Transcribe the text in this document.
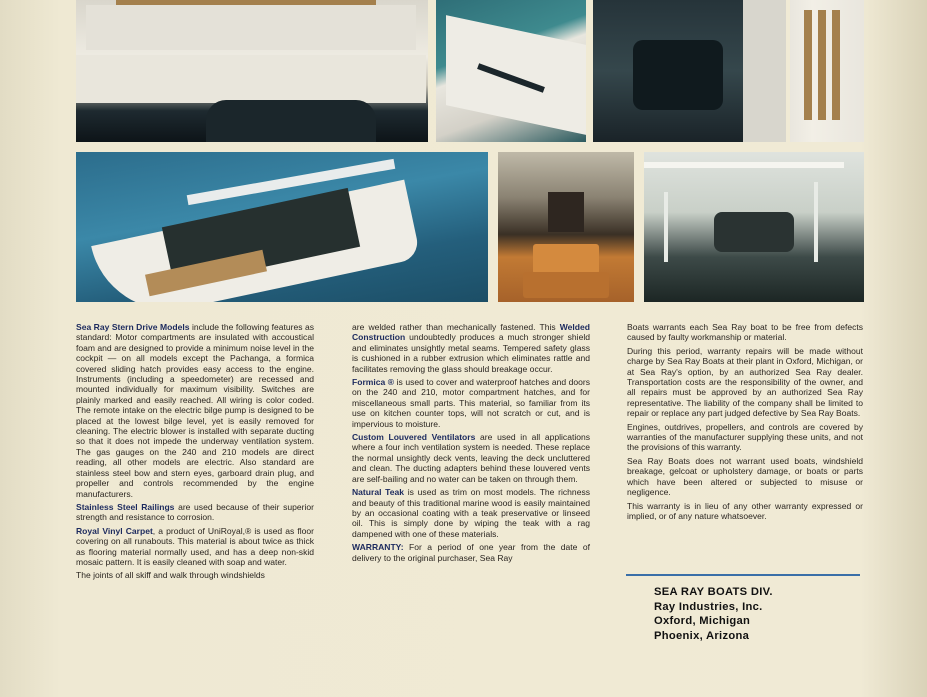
Sea Ray Stern Drive Models include the following features as standard: Motor compartments are insulated with accoustical foam and are designed to provide a minimum noise level in the cockpit — on all models except the Pachanga, a formica covered sliding hatch provides easy access to the engine. Instruments (including a speedometer) are recessed and mounted individually for maximum visibility. Switches are plainly marked and easily reached. All wiring is color coded. The remote intake on the electric bilge pump is designed to be placed at the lowest bilge level, yet is easily removed for cleaning. The electric blower is installed with separate ducting so that it does not impede the underway ventilation system. The gas gauges on the 240 and 210 models are direct reading, all other models are electric. Also standard are stainless steel bow and stern eyes, garboard drain plug, and propeller and controls recommended by the engine manufacturers.

Stainless Steel Railings are used because of their superior strength and resistance to corrosion.

Royal Vinyl Carpet, a product of UniRoyal,® is used as floor covering on all runabouts. This material is about twice as thick as flooring material normally used, and has a deep non-skid mosaic pattern. It is easily cleaned with soap and water.

The joints of all skiff and walk through windshields

are welded rather than mechanically fastened. This Welded Construction undoubtedly produces a much stronger shield and eliminates unsightly metal seams. Tempered safety glass is cushioned in a rubber extrusion which eliminates rattle and facilitates removing the glass should breakage occur.

Formica ® is used to cover and waterproof hatches and doors on the 240 and 210, motor compartment hatches, and for miscellaneous small parts. This material, so familiar from its use on kitchen counter tops, will not scratch or cut, and is impervious to moisture.

Custom Louvered Ventilators are used in all applications where a four inch ventilation system is needed. These replace the normal unsightly deck vents, leaving the deck uncluttered and clean. The ducting adapters behind these louvered vents are self-bailing and no water can be taken on through them.

Natural Teak is used as trim on most models. The richness and beauty of this traditional marine wood is easily maintained by an occasional coating with a teak preservative or linseed oil. This is simply done by wiping the teak with a rag dampened with one of these materials.

WARRANTY: For a period of one year from the date of delivery to the original purchaser, Sea Ray

Boats warrants each Sea Ray boat to be free from defects caused by faulty workmanship or material.

During this period, warranty repairs will be made without charge by Sea Ray Boats at their plant in Oxford, Michigan, or at Sea Ray's option, by an authorized Sea Ray dealer. Transportation costs are the responsibility of the owner, and all repairs must be approved by an authorized Sea Ray representative. The liability of the company shall be limited to repair or replace any part judged defective by Sea Ray Boats.

Engines, outdrives, propellers, and controls are covered by warranties of the manufacturer supplying these units, and not the provisions of this warranty.

Sea Ray Boats does not warrant used boats, windshield breakage, gelcoat or upholstery damage, or boats or parts which have been altered or subjected to misuse or negligence.

This warranty is in lieu of any other warranty expressed or implied, or of any nature whatsoever.

SEA RAY BOATS DIV.
Ray Industries, Inc.
Oxford, Michigan
Phoenix, Arizona
